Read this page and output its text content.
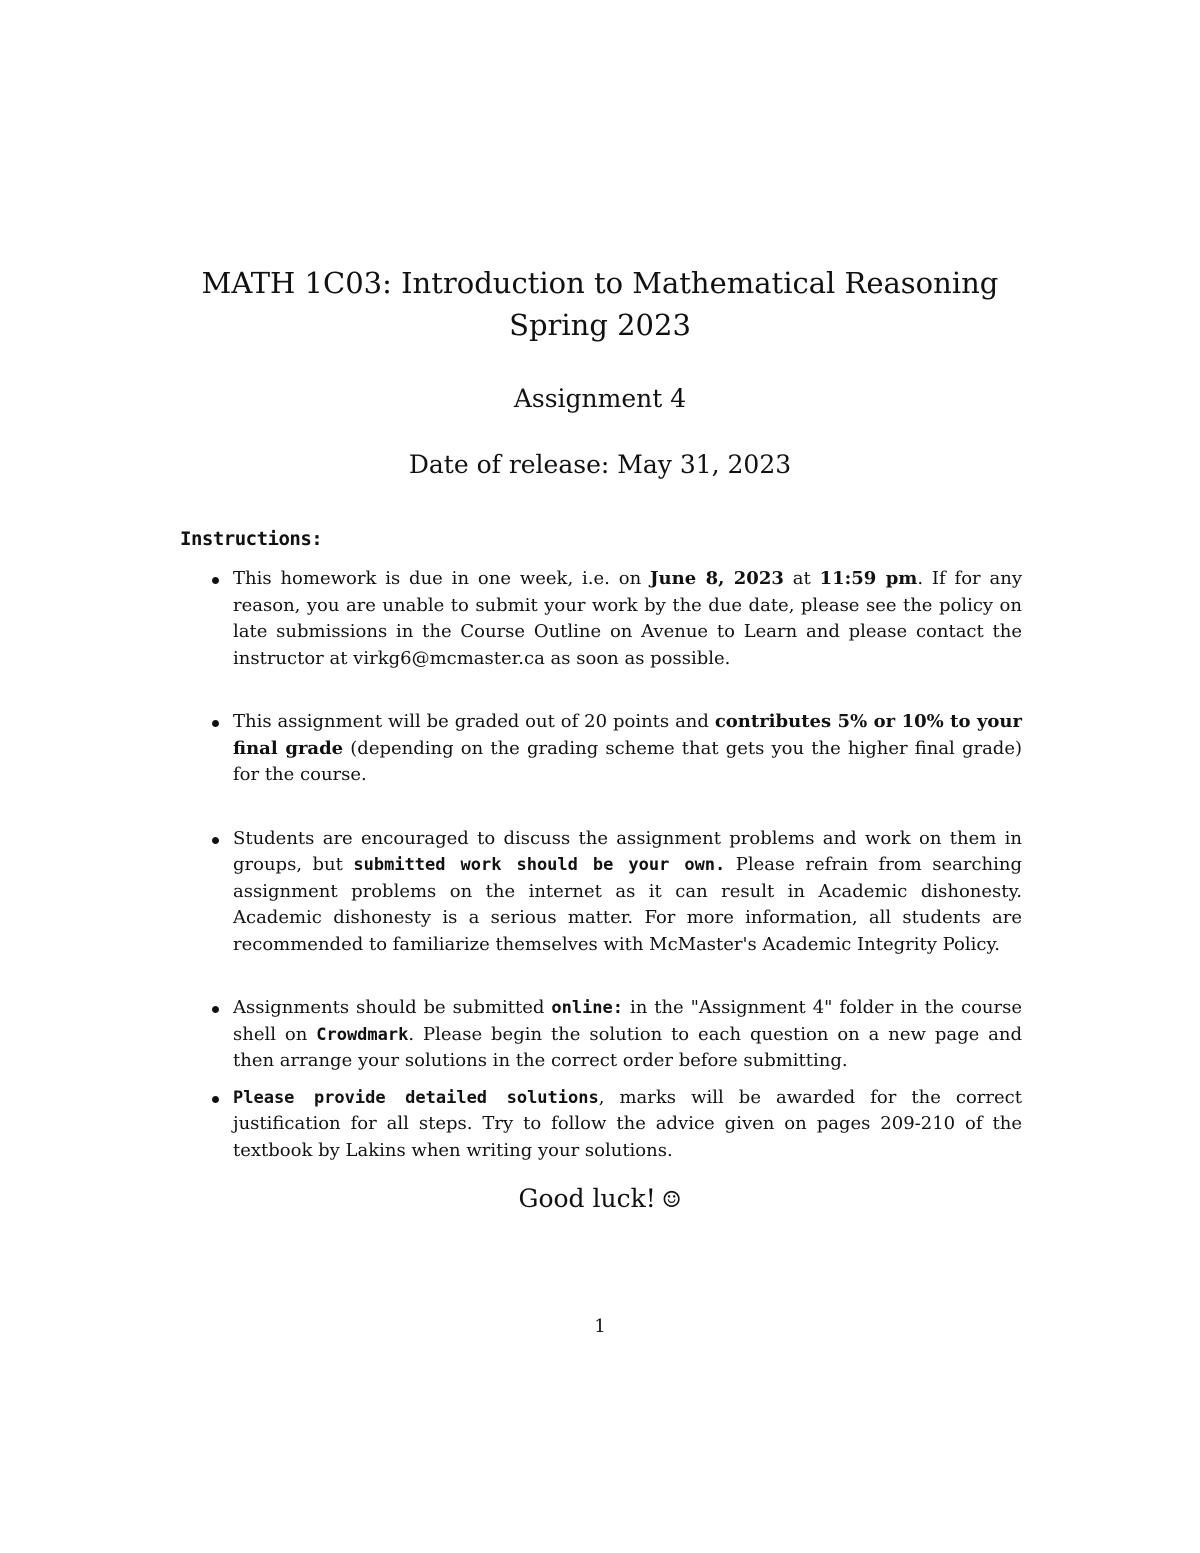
MATH 1C03: Introduction to Mathematical Reasoning
Spring 2023
Assignment 4
Date of release: May 31, 2023
Instructions:
This homework is due in one week, i.e. on June 8, 2023 at 11:59 pm. If for any reason, you are unable to submit your work by the due date, please see the policy on late submissions in the Course Outline on Avenue to Learn and please contact the instructor at virkg6@mcmaster.ca as soon as possible.
This assignment will be graded out of 20 points and contributes 5% or 10% to your final grade (depending on the grading scheme that gets you the higher final grade) for the course.
Students are encouraged to discuss the assignment problems and work on them in groups, but submitted work should be your own. Please refrain from searching assignment problems on the internet as it can result in Academic dishonesty. Academic dishonesty is a serious matter. For more information, all students are recommended to familiarize themselves with McMaster's Academic Integrity Policy.
Assignments should be submitted online: in the "Assignment 4" folder in the course shell on Crowdmark. Please begin the solution to each question on a new page and then arrange your solutions in the correct order before submitting.
Please provide detailed solutions, marks will be awarded for the correct justification for all steps. Try to follow the advice given on pages 209-210 of the textbook by Lakins when writing your solutions.
Good luck! ☺
1
